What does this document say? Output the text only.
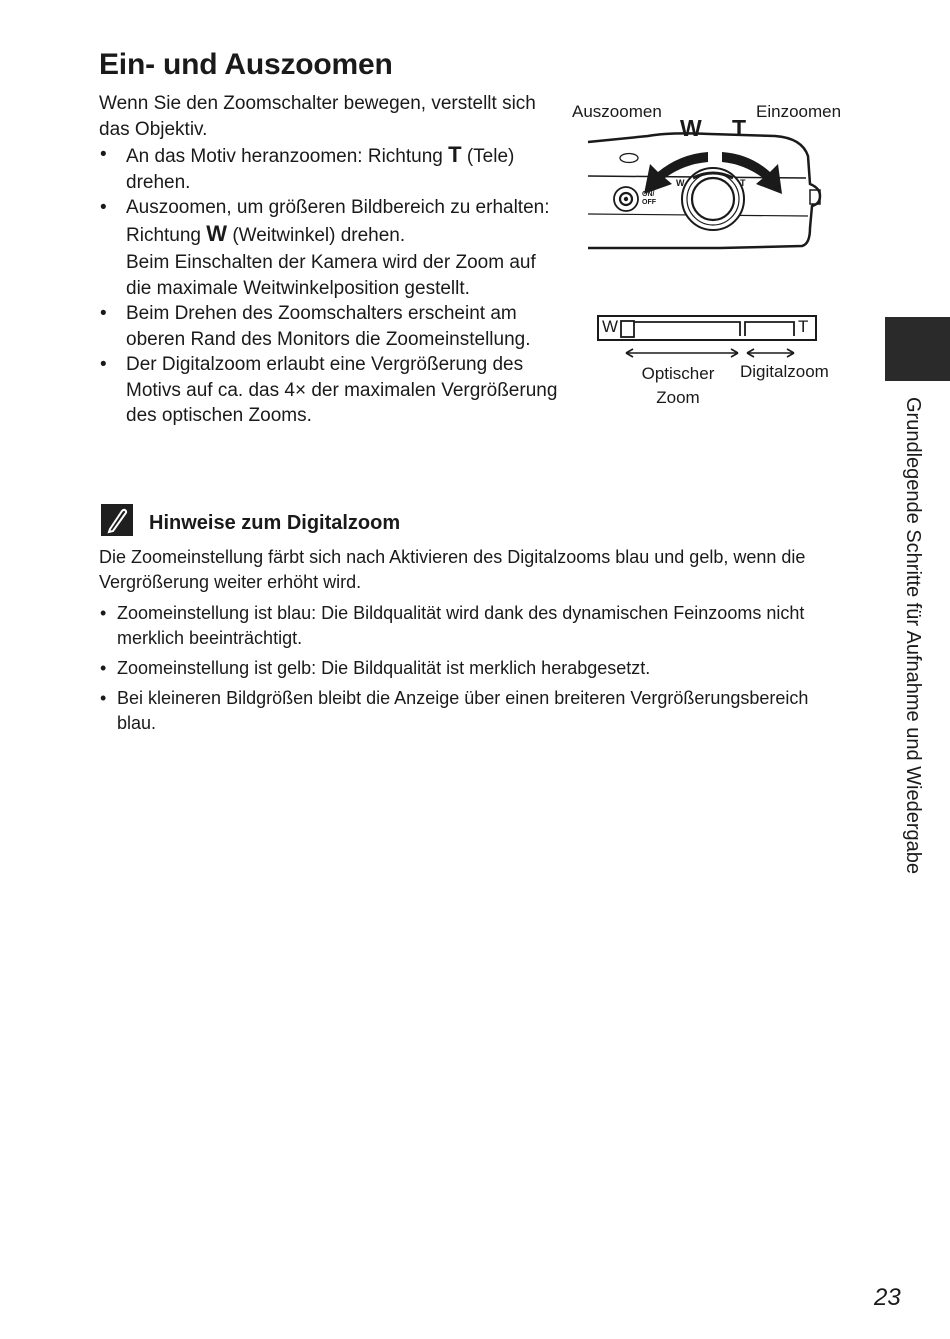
Ein- und Auszoomen

Wenn Sie den Zoomschalter bewegen, verstellt sich das Objektiv.

• An das Motiv heranzoomen: Richtung T (Tele) drehen.
• Auszoomen, um größeren Bildbereich zu erhalten: Richtung W (Weitwinkel) drehen.

Beim Einschalten der Kamera wird der Zoom auf die maximale Weitwinkelposition gestellt.

• Beim Drehen des Zoomschalters erscheint am oberen Rand des Monitors die Zoomeinstellung.
• Der Digitalzoom erlaubt eine Vergrößerung des Motivs auf ca. das 4× der maximalen Vergrößerung des optischen Zooms.
Auszoomen	Einzoomen
W T
ON/ OFF
W	T
W	T
Optischer
Zoom
Digitalzoom
Grundlegende Schritte für Aufnahme und Wiedergabe
Hinweise zum Digitalzoom

Die Zoomeinstellung färbt sich nach Aktivieren des Digitalzooms blau und gelb, wenn die Vergrößerung weiter erhöht wird.

• Zoomeinstellung ist blau: Die Bildqualität wird dank des dynamischen Feinzooms nicht merklich beeinträchtigt.
• Zoomeinstellung ist gelb: Die Bildqualität ist merklich herabgesetzt.
• Bei kleineren Bildgrößen bleibt die Anzeige über einen breiteren Vergrößerungsbereich blau.
23
